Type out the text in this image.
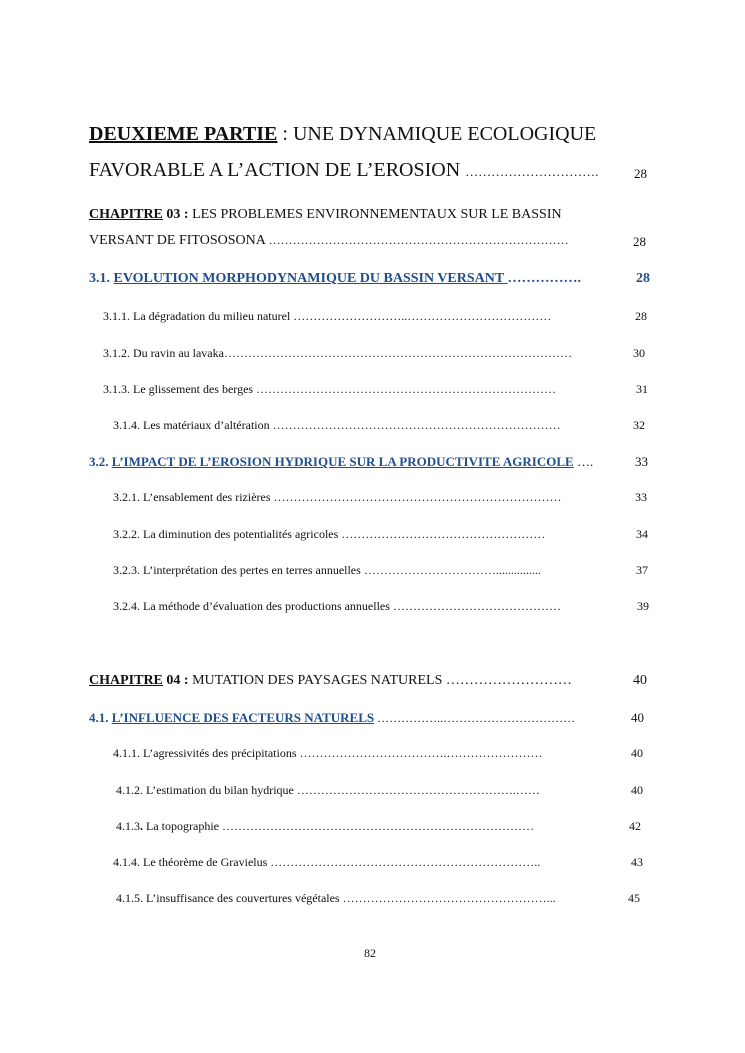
DEUXIEME PARTIE : UNE DYNAMIQUE ECOLOGIQUE
FAVORABLE A L’ACTION DE L’EROSION ………………………….	28
CHAPITRE 03 : LES PROBLEMES ENVIRONNEMENTAUX SUR LE BASSIN
VERSANT DE FITOSOSONA …………………………………………………………………	28
3.1. EVOLUTION MORPHODYNAMIQUE DU BASSIN VERSANT …………….	28
3.1.1. La dégradation du milieu naturel ………………………..………………………………	28
3.1.2. Du ravin au lavaka……………………………………………………………………………	30
3.1.3. Le glissement des berges …………………………………………………………………	31
3.1.4. Les matériaux d’altération ………………………………………………………………	32
3.2. L’IMPACT DE L’EROSION HYDRIQUE SUR LA PRODUCTIVITE AGRICOLE ….	33
3.2.1. L’ensablement des rizières ………………………………………………………………	33
3.2.2. La diminution des potentialités agricoles ……………………………………………	34
3.2.3. L’interprétation des pertes en terres annuelles ……………………………...............	37
3.2.4. La méthode d’évaluation des productions annuelles ……………………………………	39
CHAPITRE 04 : MUTATION DES PAYSAGES NATURELS ………………………	40
4.1. L’INFLUENCE DES FACTEURS NATURELS ……………..……………………………	40
4.1.1. L’agressivités des précipitations ……………………………….……………………	40
4.1.2. L’estimation du bilan hydrique ……………………………………………….……	40
4.1.3. La topographie ……………………………………………………………………	42
4.1.4. Le théorème de Gravielus …………………………………………………………..	43
4.1.5. L’insuffisance des couvertures végétales ……………………………………………...	45
82
